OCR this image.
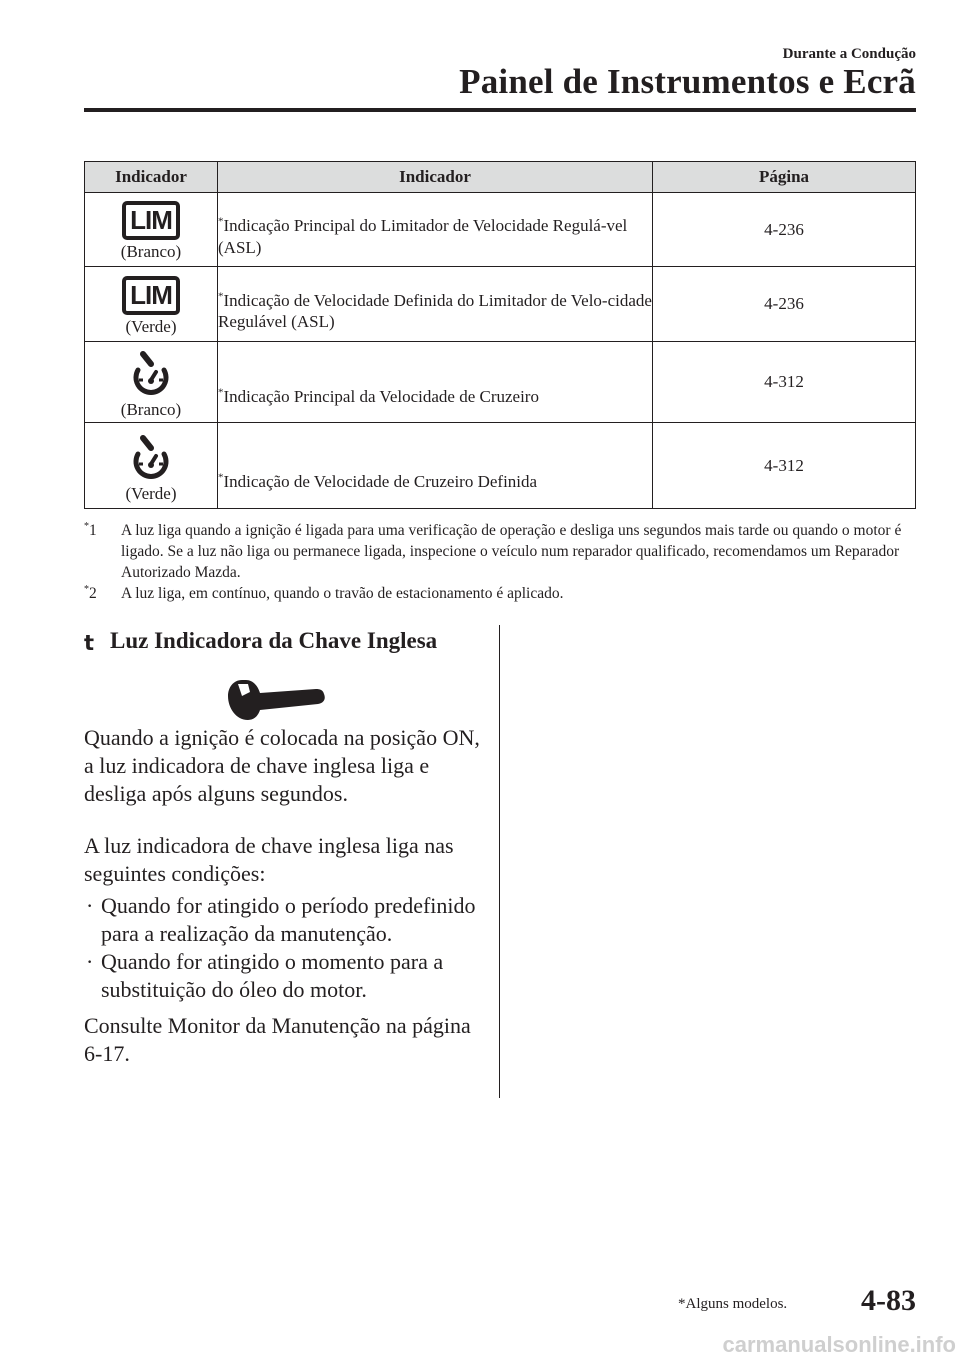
Durante a Condução
Painel de Instrumentos e Ecrã
Indicador	Indicador	Página
LIM
(Branco)	*Indicação Principal do Limitador de Velocidade Regulá-vel (ASL)	4-236
LIM
(Verde)	*Indicação de Velocidade Definida do Limitador de Velo-cidade Regulável (ASL)	4-236

(Branco)	*Indicação Principal da Velocidade de Cruzeiro	4-312

(Verde)	*Indicação de Velocidade de Cruzeiro Definida	4-312
*1 A luz liga quando a ignição é ligada para uma verificação de operação e desliga uns segundos mais tarde ou quando o motor é ligado. Se a luz não liga ou permanece ligada, inspecione o veículo num reparador qualificado, recomendamos um Reparador Autorizado Mazda.
*2 A luz liga, em contínuo, quando o travão de estacionamento é aplicado.
t Luz Indicadora da Chave Inglesa

Quando a ignição é colocada na posição ON, a luz indicadora de chave inglesa liga e desliga após alguns segundos.

A luz indicadora de chave inglesa liga nas seguintes condições:

· Quando for atingido o período predefinido para a realização da manutenção.
· Quando for atingido o momento para a substituição do óleo do motor.

Consulte Monitor da Manutenção na página 6-17.

*Alguns modelos. 4-83
carmanualsonline.info
